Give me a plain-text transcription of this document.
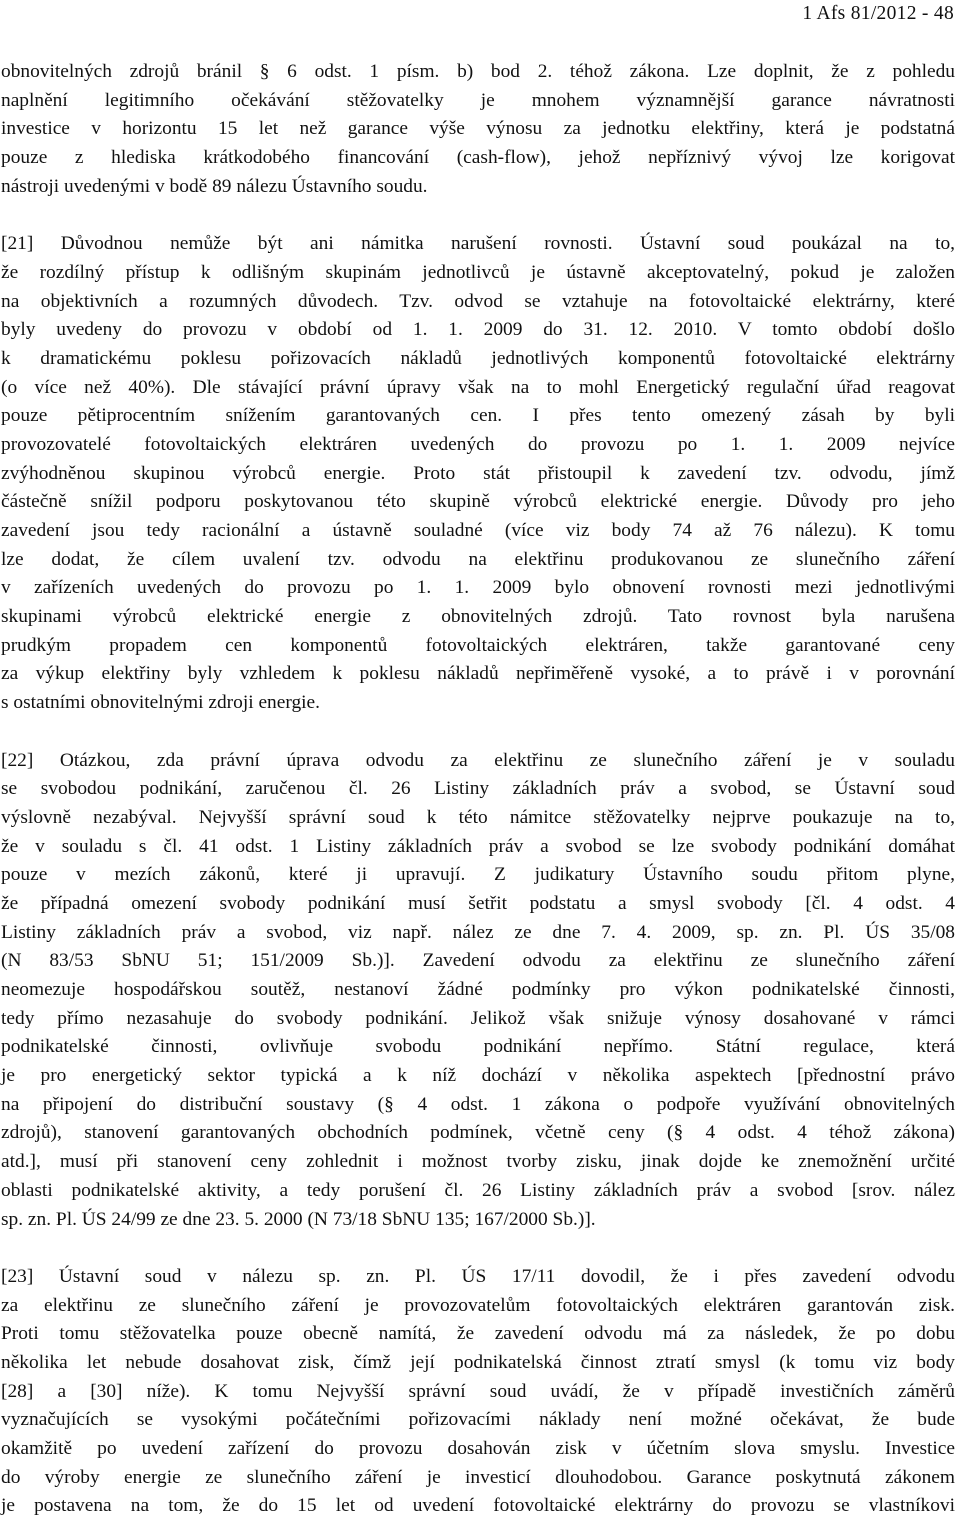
1 Afs 81/2012 - 48
obnovitelných zdrojů bránil § 6 odst. 1 písm. b) bod 2. téhož zákona. Lze doplnit, že z pohledu
naplnění legitimního očekávání stěžovatelky je mnohem významnější garance návratnosti
investice v horizontu 15 let než garance výše výnosu za jednotku elektřiny, která je podstatná
pouze z hlediska krátkodobého financování (cash-flow), jehož nepříznivý vývoj lze korigovat
nástroji uvedenými v bodě 89 nálezu Ústavního soudu.
[21] Důvodnou nemůže být ani námitka narušení rovnosti. Ústavní soud poukázal na to,
že rozdílný přístup k odlišným skupinám jednotlivců je ústavně akceptovatelný, pokud je založen
na objektivních a rozumných důvodech. Tzv. odvod se vztahuje na fotovoltaické elektrárny, které
byly uvedeny do provozu v období od 1. 1. 2009 do 31. 12. 2010. V tomto období došlo
k dramatickému poklesu pořizovacích nákladů jednotlivých komponentů fotovoltaické elektrárny
(o více než 40%). Dle stávající právní úpravy však na to mohl Energetický regulační úřad reagovat
pouze pětiprocentním snížením garantovaných cen. I přes tento omezený zásah by byli
provozovatelé fotovoltaických elektráren uvedených do provozu po 1. 1. 2009 nejvíce
zvýhodněnou skupinou výrobců energie. Proto stát přistoupil k zavedení tzv. odvodu, jímž
částečně snížil podporu poskytovanou této skupině výrobců elektrické energie. Důvody pro jeho
zavedení jsou tedy racionální a ústavně souladné (více viz body 74 až 76 nálezu). K tomu
lze dodat, že cílem uvalení tzv. odvodu na elektřinu produkovanou ze slunečního záření
v zařízeních uvedených do provozu po 1. 1. 2009 bylo obnovení rovnosti mezi jednotlivými
skupinami výrobců elektrické energie z obnovitelných zdrojů. Tato rovnost byla narušena
prudkým propadem cen komponentů fotovoltaických elektráren, takže garantované ceny
za výkup elektřiny byly vzhledem k poklesu nákladů nepřiměřeně vysoké, a to právě i v porovnání
s ostatními obnovitelnými zdroji energie.
[22] Otázkou, zda právní úprava odvodu za elektřinu ze slunečního záření je v souladu
se svobodou podnikání, zaručenou čl. 26 Listiny základních práv a svobod, se Ústavní soud
výslovně nezabýval. Nejvyšší správní soud k této námitce stěžovatelky nejprve poukazuje na to,
že v souladu s čl. 41 odst. 1 Listiny základních práv a svobod se lze svobody podnikání domáhat
pouze v mezích zákonů, které ji upravují. Z judikatury Ústavního soudu přitom plyne,
že případná omezení svobody podnikání musí šetřit podstatu a smysl svobody [čl. 4 odst. 4
Listiny základních práv a svobod, viz např. nález ze dne 7. 4. 2009, sp. zn. Pl. ÚS 35/08
(N 83/53 SbNU 51; 151/2009 Sb.)]. Zavedení odvodu za elektřinu ze slunečního záření
neomezuje hospodářskou soutěž, nestanoví žádné podmínky pro výkon podnikatelské činnosti,
tedy přímo nezasahuje do svobody podnikání. Jelikož však snižuje výnosy dosahované v rámci
podnikatelské činnosti, ovlivňuje svobodu podnikání nepřímo. Státní regulace, která
je pro energetický sektor typická a k níž dochází v několika aspektech [přednostní právo
na připojení do distribuční soustavy (§ 4 odst. 1 zákona o podpoře využívání obnovitelných
zdrojů), stanovení garantovaných obchodních podmínek, včetně ceny (§ 4 odst. 4 téhož zákona)
atd.], musí při stanovení ceny zohlednit i možnost tvorby zisku, jinak dojde ke znemožnění určité
oblasti podnikatelské aktivity, a tedy porušení čl. 26 Listiny základních práv a svobod [srov. nález
sp. zn. Pl. ÚS 24/99 ze dne 23. 5. 2000 (N 73/18 SbNU 135; 167/2000 Sb.)].
[23] Ústavní soud v nálezu sp. zn. Pl. ÚS 17/11 dovodil, že i přes zavedení odvodu
za elektřinu ze slunečního záření je provozovatelům fotovoltaických elektráren garantován zisk.
Proti tomu stěžovatelka pouze obecně namítá, že zavedení odvodu má za následek, že po dobu
několika let nebude dosahovat zisk, čímž její podnikatelská činnost ztratí smysl (k tomu viz body
[28] a [30] níže). K tomu Nejvyšší správní soud uvádí, že v případě investičních záměrů
vyznačujících se vysokými počátečními pořizovacími náklady není možné očekávat, že bude
okamžitě po uvedení zařízení do provozu dosahován zisk v účetním slova smyslu. Investice
do výroby energie ze slunečního záření je investicí dlouhodobou. Garance poskytnutá zákonem
je postavena na tom, že do 15 let od uvedení fotovoltaické elektrárny do provozu se vlastníkovi
